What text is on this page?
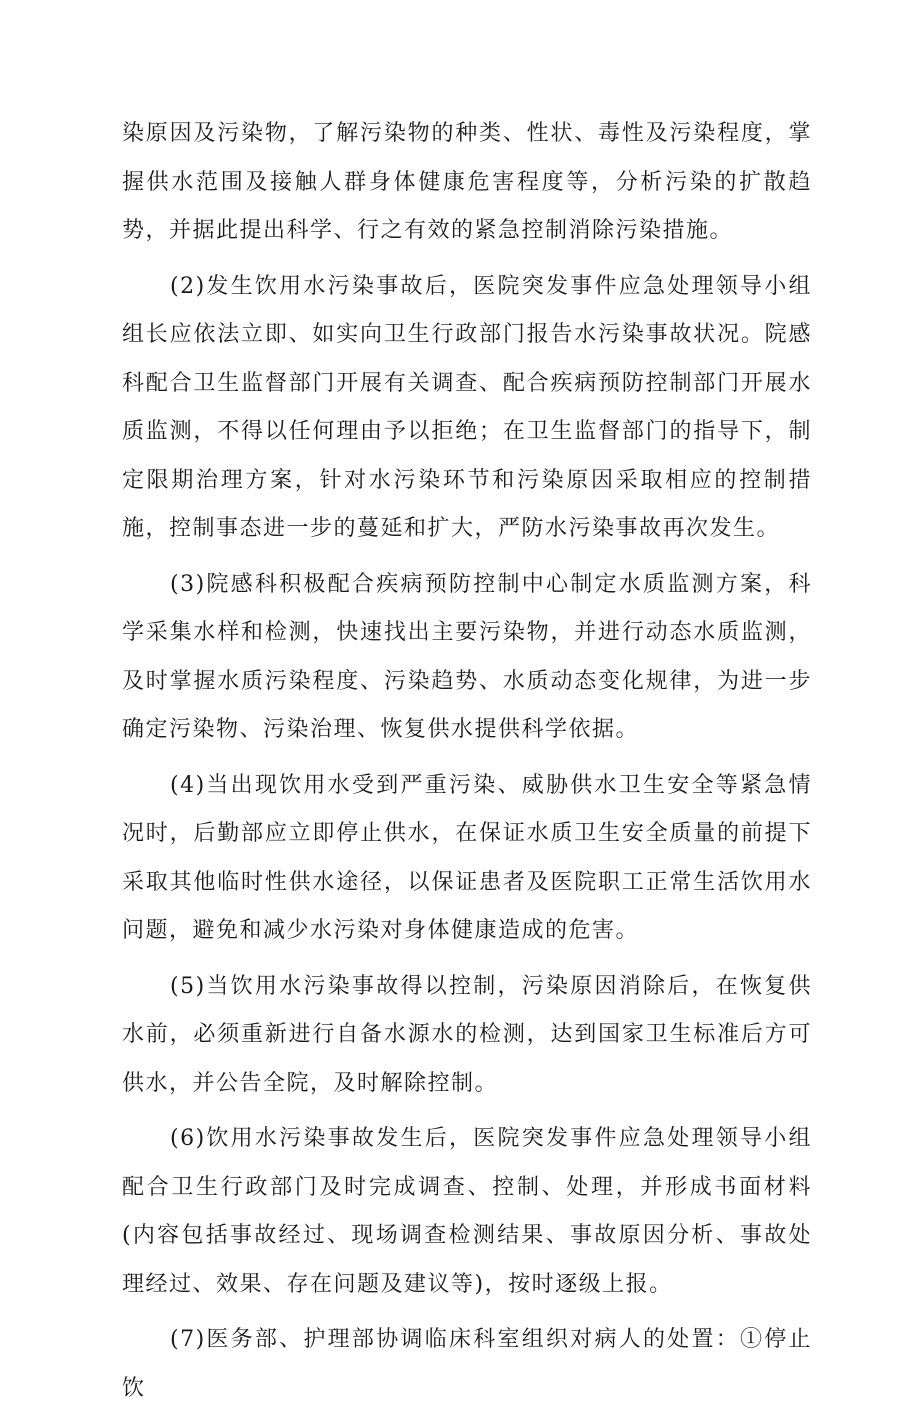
染原因及污染物，了解污染物的种类、性状、毒性及污染程度，掌握供水范围及接触人群身体健康危害程度等，分析污染的扩散趋势，并据此提出科学、行之有效的紧急控制消除污染措施。

(2)发生饮用水污染事故后，医院突发事件应急处理领导小组组长应依法立即、如实向卫生行政部门报告水污染事故状况。院感科配合卫生监督部门开展有关调查、配合疾病预防控制部门开展水质监测，不得以任何理由予以拒绝；在卫生监督部门的指导下，制定限期治理方案，针对水污染环节和污染原因采取相应的控制措施，控制事态进一步的蔓延和扩大，严防水污染事故再次发生。

(3)院感科积极配合疾病预防控制中心制定水质监测方案，科学采集水样和检测，快速找出主要污染物，并进行动态水质监测，及时掌握水质污染程度、污染趋势、水质动态变化规律，为进一步确定污染物、污染治理、恢复供水提供科学依据。

(4)当出现饮用水受到严重污染、威胁供水卫生安全等紧急情况时，后勤部应立即停止供水，在保证水质卫生安全质量的前提下采取其他临时性供水途径，以保证患者及医院职工正常生活饮用水问题，避免和减少水污染对身体健康造成的危害。

(5)当饮用水污染事故得以控制，污染原因消除后，在恢复供水前，必须重新进行自备水源水的检测，达到国家卫生标准后方可供水，并公告全院，及时解除控制。

(6)饮用水污染事故发生后，医院突发事件应急处理领导小组配合卫生行政部门及时完成调查、控制、处理，并形成书面材料(内容包括事故经过、现场调查检测结果、事故原因分析、事故处理经过、效果、存在问题及建议等)，按时逐级上报。

(7)医务部、护理部协调临床科室组织对病人的处置：①停止饮
